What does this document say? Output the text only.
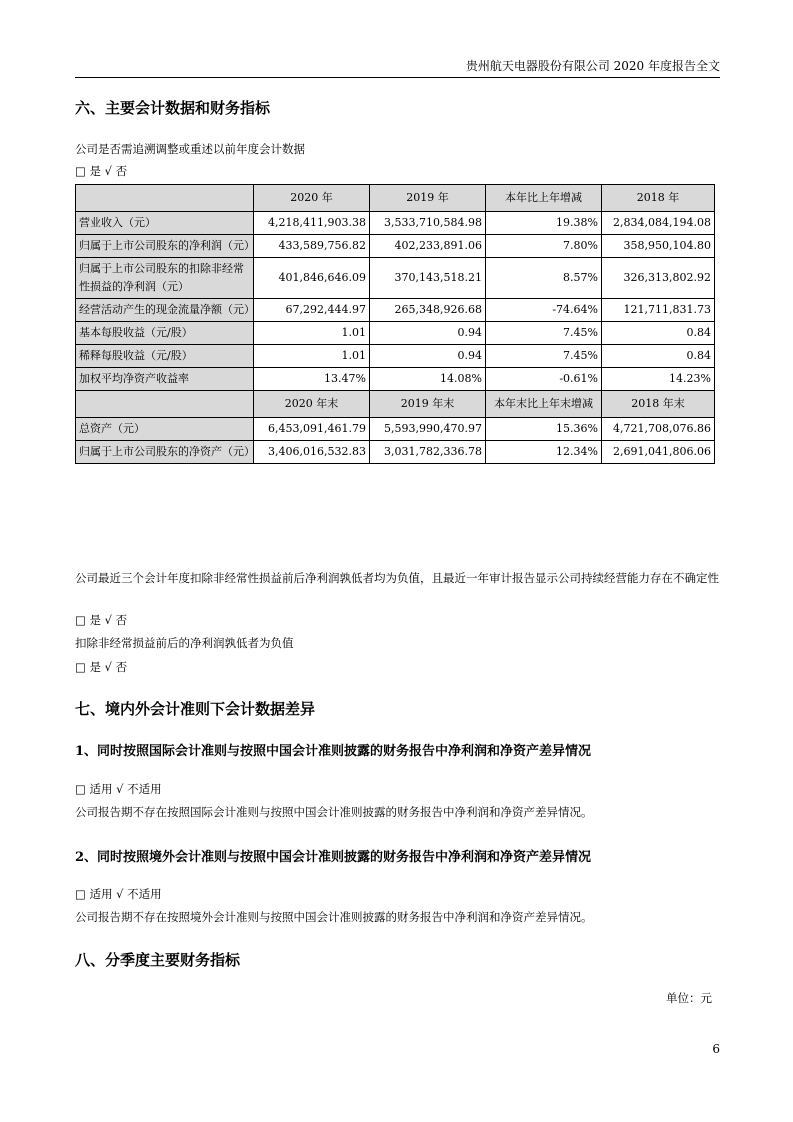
贵州航天电器股份有限公司 2020 年度报告全文
六、主要会计数据和财务指标
公司是否需追溯调整或重述以前年度会计数据
□ 是 √ 否
	2020 年	2019 年	本年比上年增减	2018 年
营业收入（元）	4,218,411,903.38	3,533,710,584.98	19.38%	2,834,084,194.08
归属于上市公司股东的净利润（元）	433,589,756.82	402,233,891.06	7.80%	358,950,104.80
归属于上市公司股东的扣除非经常性损益的净利润（元）	401,846,646.09	370,143,518.21	8.57%	326,313,802.92
经营活动产生的现金流量净额（元）	67,292,444.97	265,348,926.68	-74.64%	121,711,831.73
基本每股收益（元/股）	1.01	0.94	7.45%	0.84
稀释每股收益（元/股）	1.01	0.94	7.45%	0.84
加权平均净资产收益率	13.47%	14.08%	-0.61%	14.23%
	2020 年末	2019 年末	本年末比上年末增减	2018 年末
总资产（元）	6,453,091,461.79	5,593,990,470.97	15.36%	4,721,708,076.86
归属于上市公司股东的净资产（元）	3,406,016,532.83	3,031,782,336.78	12.34%	2,691,041,806.06
公司最近三个会计年度扣除非经常性损益前后净利润孰低者均为负值，且最近一年审计报告显示公司持续经营能力存在不确定性
□ 是 √ 否
扣除非经常损益前后的净利润孰低者为负值
□ 是 √ 否
七、境内外会计准则下会计数据差异
1、同时按照国际会计准则与按照中国会计准则披露的财务报告中净利润和净资产差异情况
□ 适用 √ 不适用
公司报告期不存在按照国际会计准则与按照中国会计准则披露的财务报告中净利润和净资产差异情况。
2、同时按照境外会计准则与按照中国会计准则披露的财务报告中净利润和净资产差异情况
□ 适用 √ 不适用
公司报告期不存在按照境外会计准则与按照中国会计准则披露的财务报告中净利润和净资产差异情况。
八、分季度主要财务指标
单位：元
6
